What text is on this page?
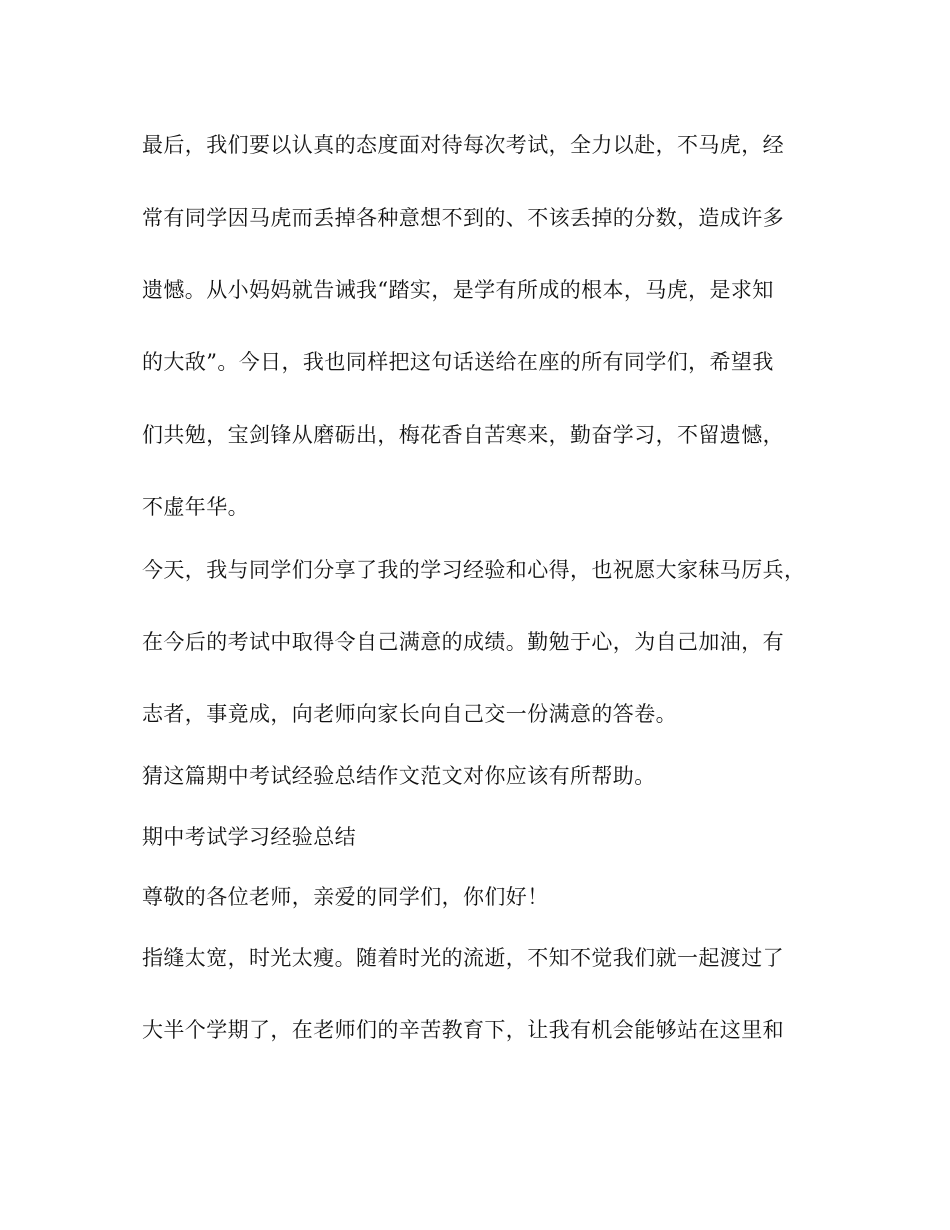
最后，我们要以认真的态度面对待每次考试，全力以赴，不马虎，经
常有同学因马虎而丢掉各种意想不到的、不该丢掉的分数，造成许多
遗憾。从小妈妈就告诫我“踏实，是学有所成的根本，马虎，是求知
的大敌”。今日，我也同样把这句话送给在座的所有同学们，希望我
们共勉，宝剑锋从磨砺出，梅花香自苦寒来，勤奋学习，不留遗憾，
不虚年华。
今天，我与同学们分享了我的学习经验和心得，也祝愿大家秣马厉兵，
在今后的考试中取得令自己满意的成绩。勤勉于心，为自己加油，有
志者，事竟成，向老师向家长向自己交一份满意的答卷。
猜这篇期中考试经验总结作文范文对你应该有所帮助。
期中考试学习经验总结
尊敬的各位老师，亲爱的同学们，你们好！
指缝太宽，时光太瘦。随着时光的流逝，不知不觉我们就一起渡过了
大半个学期了，在老师们的辛苦教育下，让我有机会能够站在这里和
